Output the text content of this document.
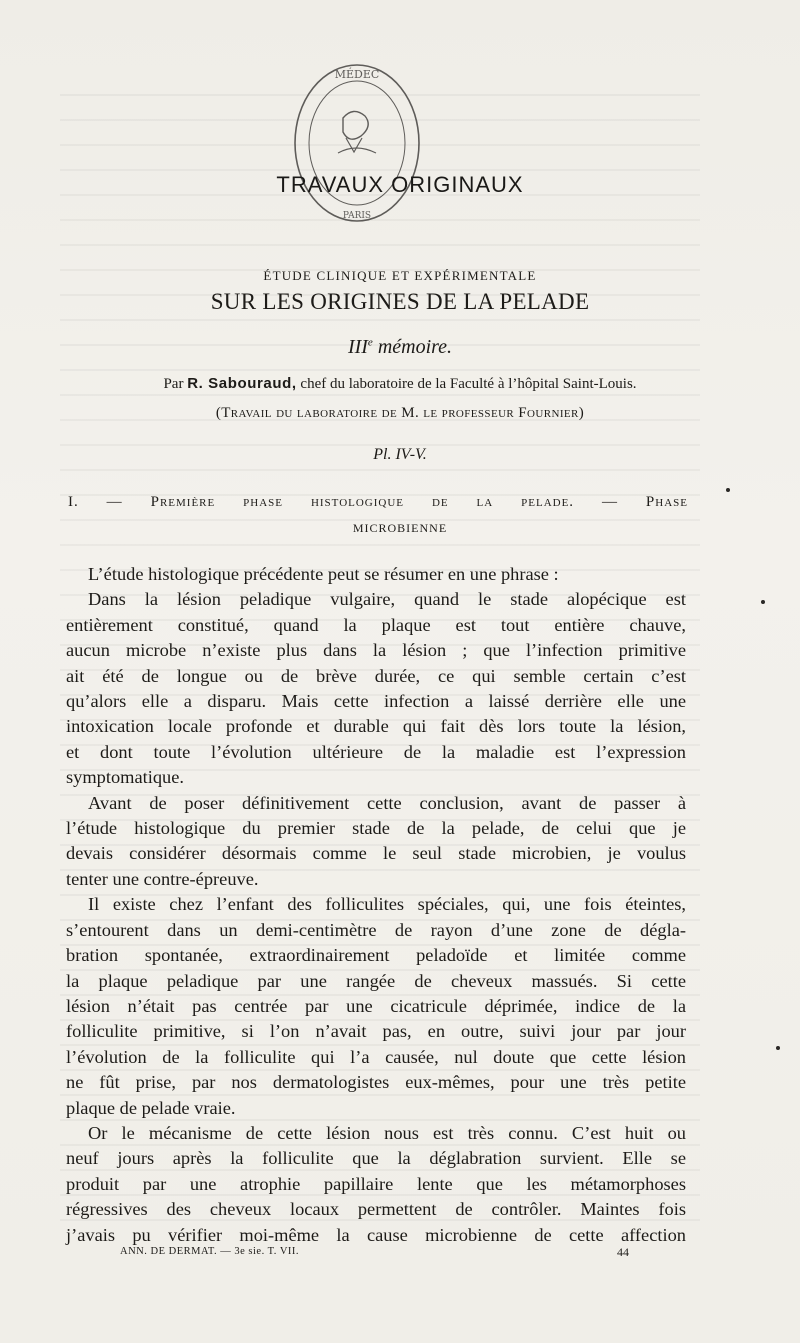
MÉDEC
PARIS
TRAVAUX ORIGINAUX
ÉTUDE CLINIQUE ET EXPÉRIMENTALE
SUR LES ORIGINES DE LA PELADE
IIIe mémoire.
Par R. Sabouraud, chef du laboratoire de la Faculté à l’hôpital Saint-Louis.
(Travail du laboratoire de M. le professeur Fournier)
Pl. IV-V.
I. — Première phase histologique de la pelade. — Phase
MICROBIENNE
L’étude histologique précédente peut se résumer en une phrase :
Dans la lésion peladique vulgaire, quand le stade alopécique est
entièrement constitué, quand la plaque est tout entière chauve,
aucun microbe n’existe plus dans la lésion ; que l’infection primitive
ait été de longue ou de brève durée, ce qui semble certain c’est
qu’alors elle a disparu. Mais cette infection a laissé derrière elle une
intoxication locale profonde et durable qui fait dès lors toute la lésion,
et dont toute l’évolution ultérieure de la maladie est l’expression
symptomatique.
Avant de poser définitivement cette conclusion, avant de passer à
l’étude histologique du premier stade de la pelade, de celui que je
devais considérer désormais comme le seul stade microbien, je voulus
tenter une contre-épreuve.
Il existe chez l’enfant des folliculites spéciales, qui, une fois éteintes,
s’entourent dans un demi-centimètre de rayon d’une zone de dégla-
bration spontanée, extraordinairement peladoïde et limitée comme
la plaque peladique par une rangée de cheveux massués. Si cette
lésion n’était pas centrée par une cicatricule déprimée, indice de la
folliculite primitive, si l’on n’avait pas, en outre, suivi jour par jour
l’évolution de la folliculite qui l’a causée, nul doute que cette lésion
ne fût prise, par nos dermatologistes eux-mêmes, pour une très petite
plaque de pelade vraie.
Or le mécanisme de cette lésion nous est très connu. C’est huit ou
neuf jours après la folliculite que la déglabration survient. Elle se
produit par une atrophie papillaire lente que les métamorphoses
régressives des cheveux locaux permettent de contrôler. Maintes fois
j’avais pu vérifier moi-même la cause microbienne de cette affection
ANN. DE DERMAT. — 3e sie. T. VII.	44
